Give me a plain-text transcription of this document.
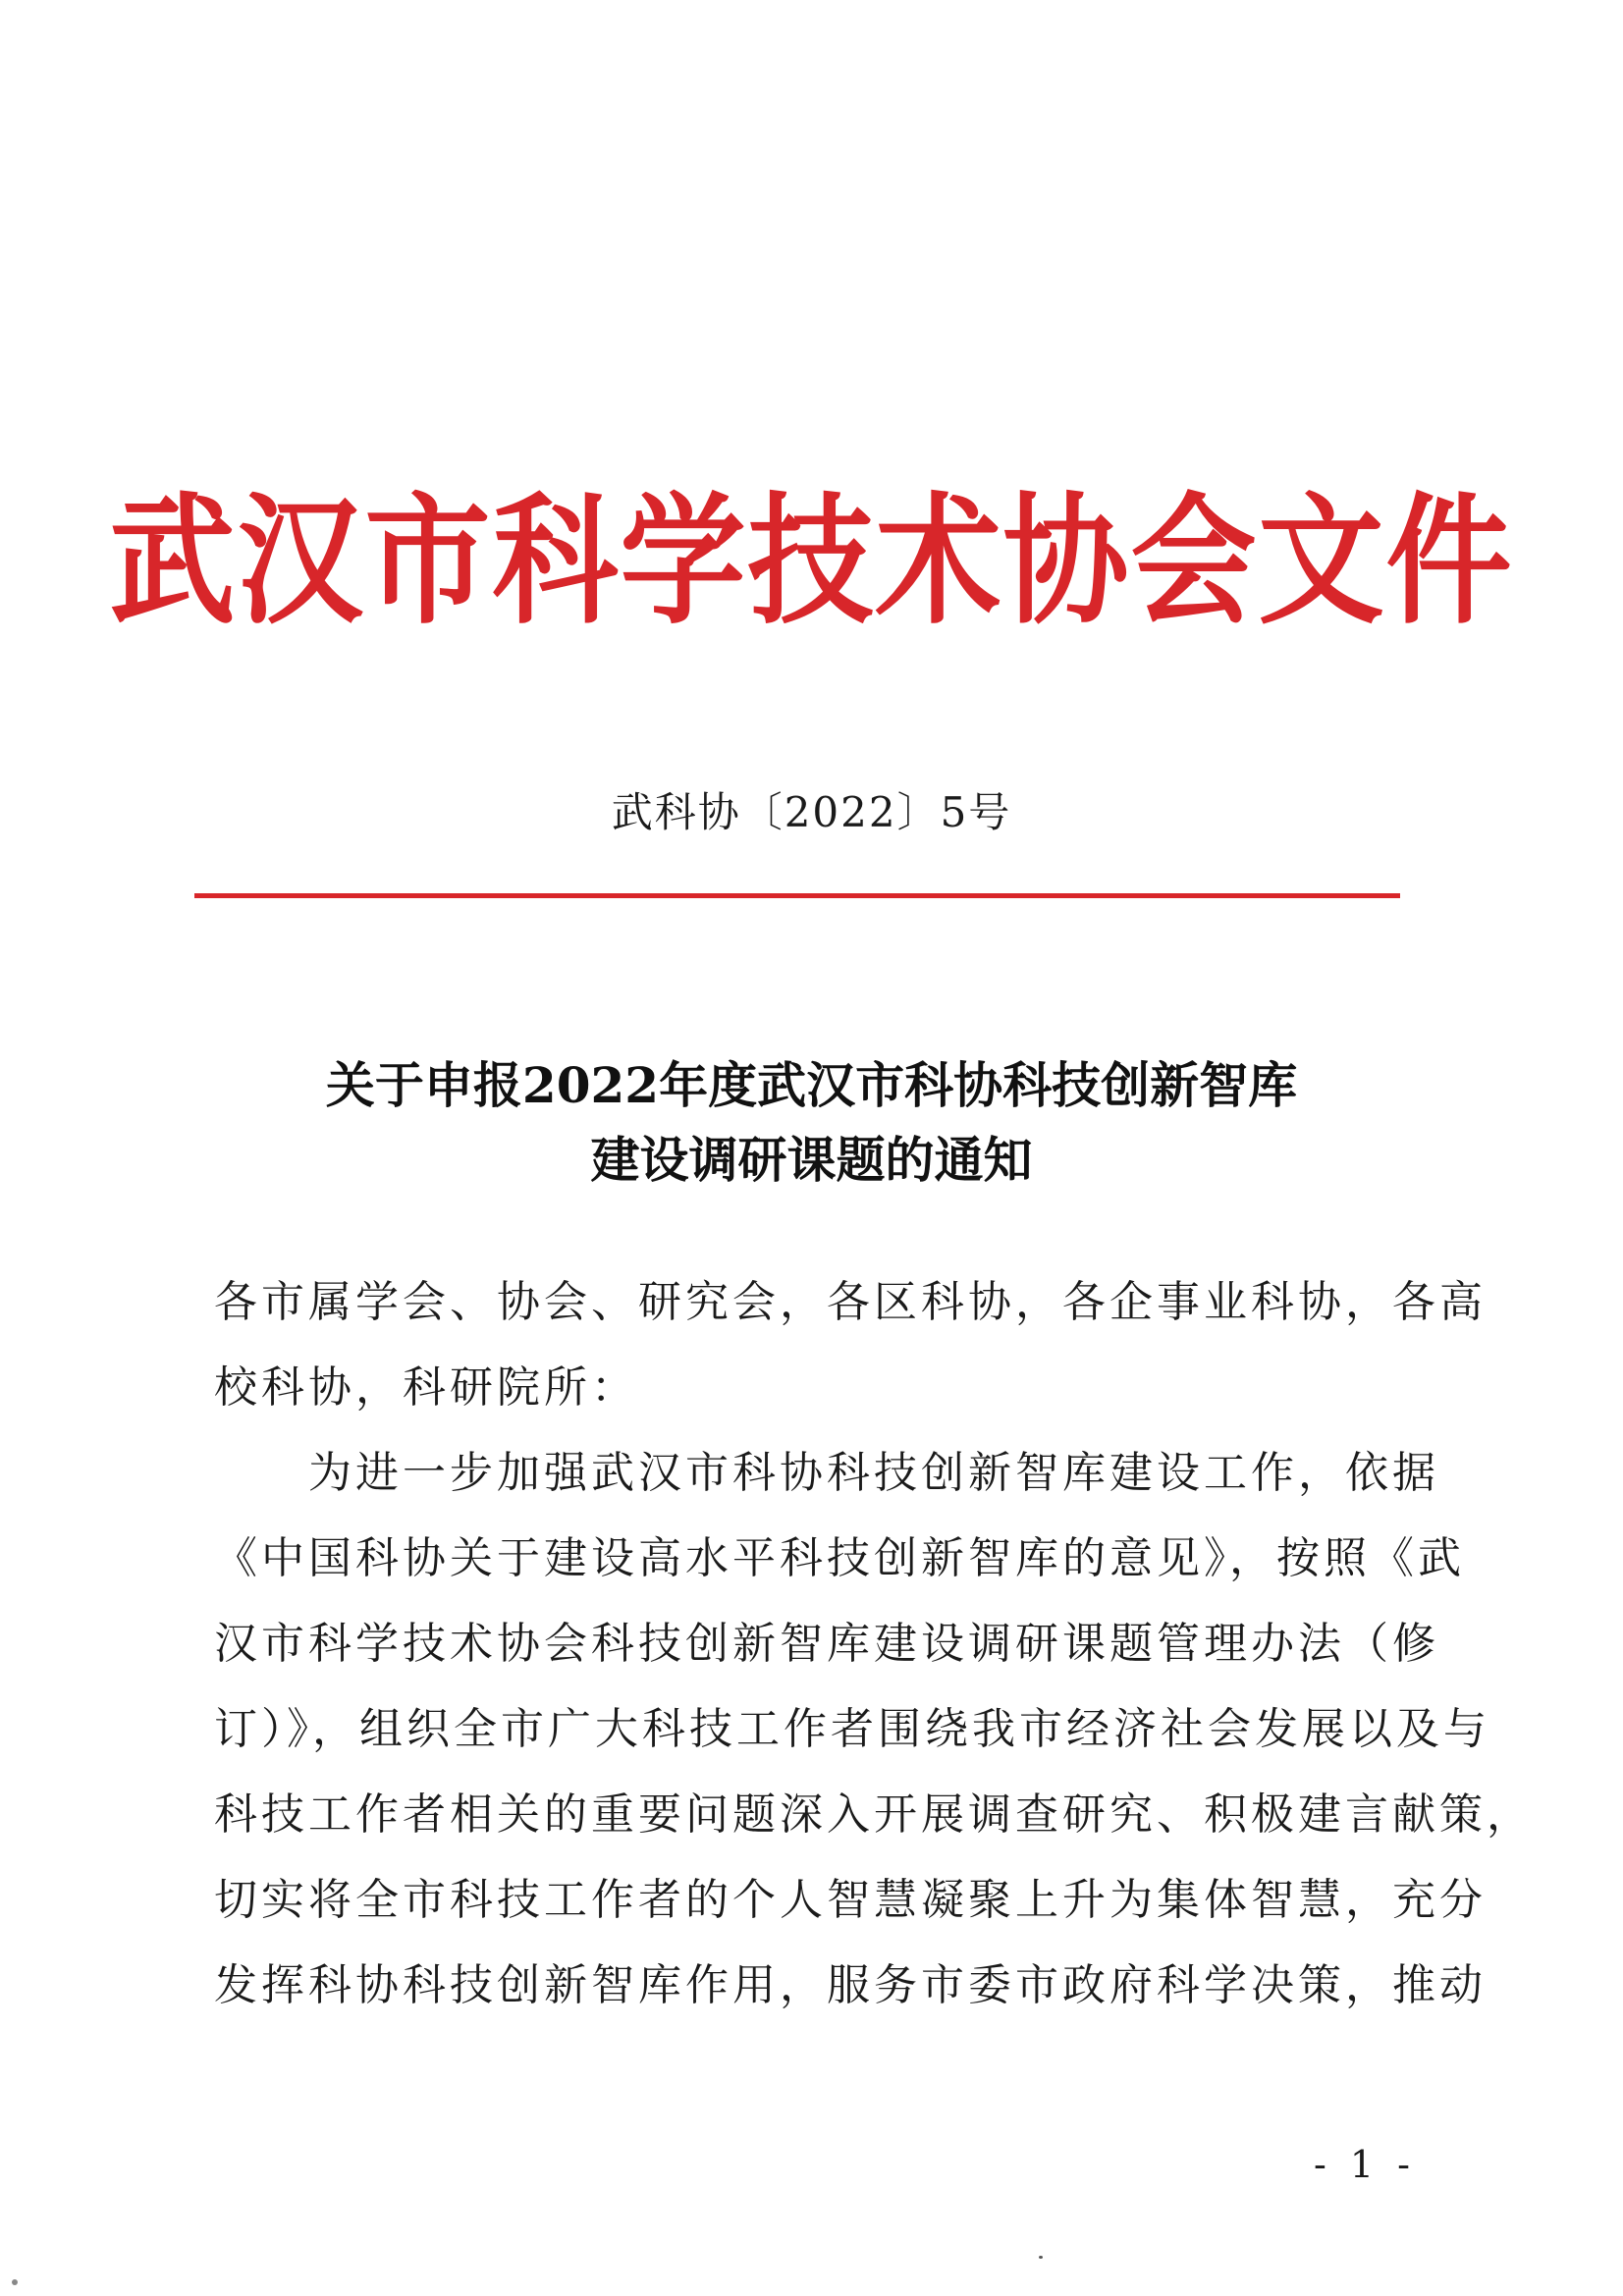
武汉市科学技术协会文件
武科协〔2022〕5号
关于申报2022年度武汉市科协科技创新智库
建设调研课题的通知
各市属学会、协会、研究会，各区科协，各企事业科协，各高
校科协，科研院所：
　　为进一步加强武汉市科协科技创新智库建设工作，依据
《中国科协关于建设高水平科技创新智库的意见》，按照《武
汉市科学技术协会科技创新智库建设调研课题管理办法（修
订）》，组织全市广大科技工作者围绕我市经济社会发展以及与
科技工作者相关的重要问题深入开展调查研究、积极建言献策，
切实将全市科技工作者的个人智慧凝聚上升为集体智慧，充分
发挥科协科技创新智库作用，服务市委市政府科学决策，推动
- 1 -
